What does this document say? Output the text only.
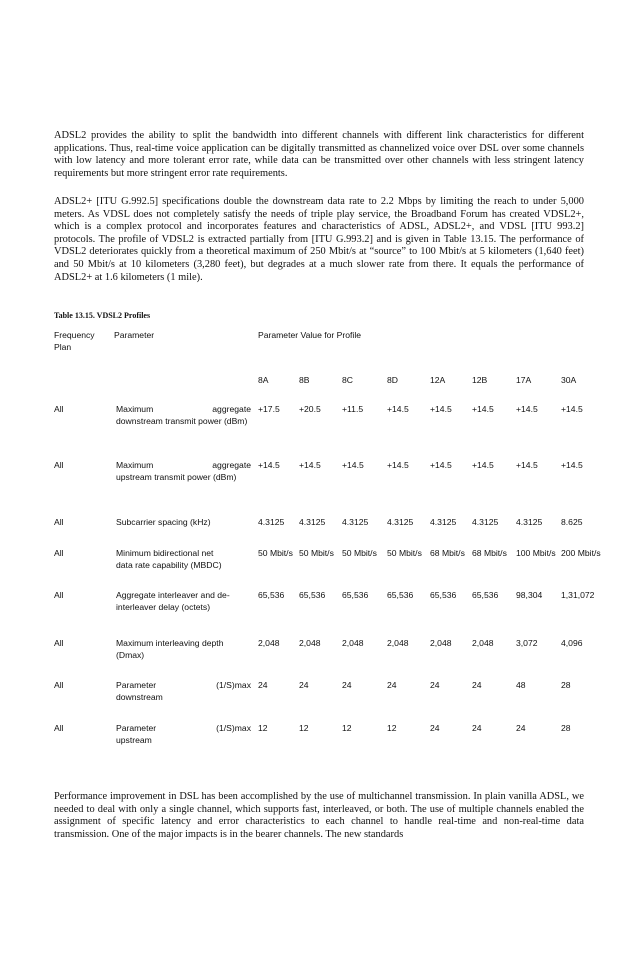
ADSL2 provides the ability to split the bandwidth into different channels with different link characteristics for different applications. Thus, real-time voice application can be digitally transmitted as channelized voice over DSL over some channels with low latency and more tolerant error rate, while data can be transmitted over other channels with less stringent latency requirements but more stringent error rate requirements.

ADSL2+ [ITU G.992.5] specifications double the downstream data rate to 2.2 Mbps by limiting the reach to under 5,000 meters. As VDSL does not completely satisfy the needs of triple play service, the Broadband Forum has created VDSL2+, which is a complex protocol and incorporates features and characteristics of ADSL, ADSL2+, and VDSL [ITU 993.2] protocols. The profile of VDSL2 is extracted partially from [ITU G.993.2] and is given in Table 13.15. The performance of VDSL2 deteriorates quickly from a theoretical maximum of 250 Mbit/s at “source” to 100 Mbit/s at 5 kilometers (1,640 feet) and 50 Mbit/s at 10 kilometers (3,280 feet), but degrades at a much slower rate from there. It equals the performance of ADSL2+ at 1.6 kilometers (1 mile).

Table 13.15. VDSL2 Profiles
Frequency Plan
Parameter	Parameter Value for Profile
8A	8B	8C	8D	12A	12B	17A	30A
All	Maximum	aggregate
downstream transmit power (dBm)
+17.5	+20.5	+11.5	+14.5	+14.5	+14.5	+14.5	+14.5
All	Maximum	aggregate
upstream transmit power (dBm)
+14.5	+14.5	+14.5	+14.5	+14.5	+14.5	+14.5	+14.5
All	Subcarrier spacing (kHz)	4.3125	4.3125	4.3125	4.3125	4.3125	4.3125	4.3125	8.625
All	Minimum bidirectional net
data rate capability (MBDC)
50 Mbit/s 50 Mbit/s 50 Mbit/s	50 Mbit/s 68 Mbit/s 68 Mbit/s	100 Mbit/s 200 Mbit/s
All	Aggregate interleaver and de-
interleaver delay (octets)
65,536	65,536	65,536	65,536	65,536	65,536	98,304	1,31,072
All	Maximum interleaving depth
(Dmax)
2,048	2,048	2,048	2,048	2,048	2,048	3,072	4,096
All	Parameter	(1/S)max
downstream
24	24	24	24	24	24	48	28
All	Parameter	(1/S)max
upstream
12	12	12	12	24	24	24	28

Performance improvement in DSL has been accomplished by the use of multichannel transmission. In plain vanilla ADSL, we needed to deal with only a single channel, which supports fast, interleaved, or both. The use of multiple channels enabled the assignment of specific latency and error characteristics to each channel to handle real-time and non-real-time data transmission. One of the major impacts is in the bearer channels. The new standards
